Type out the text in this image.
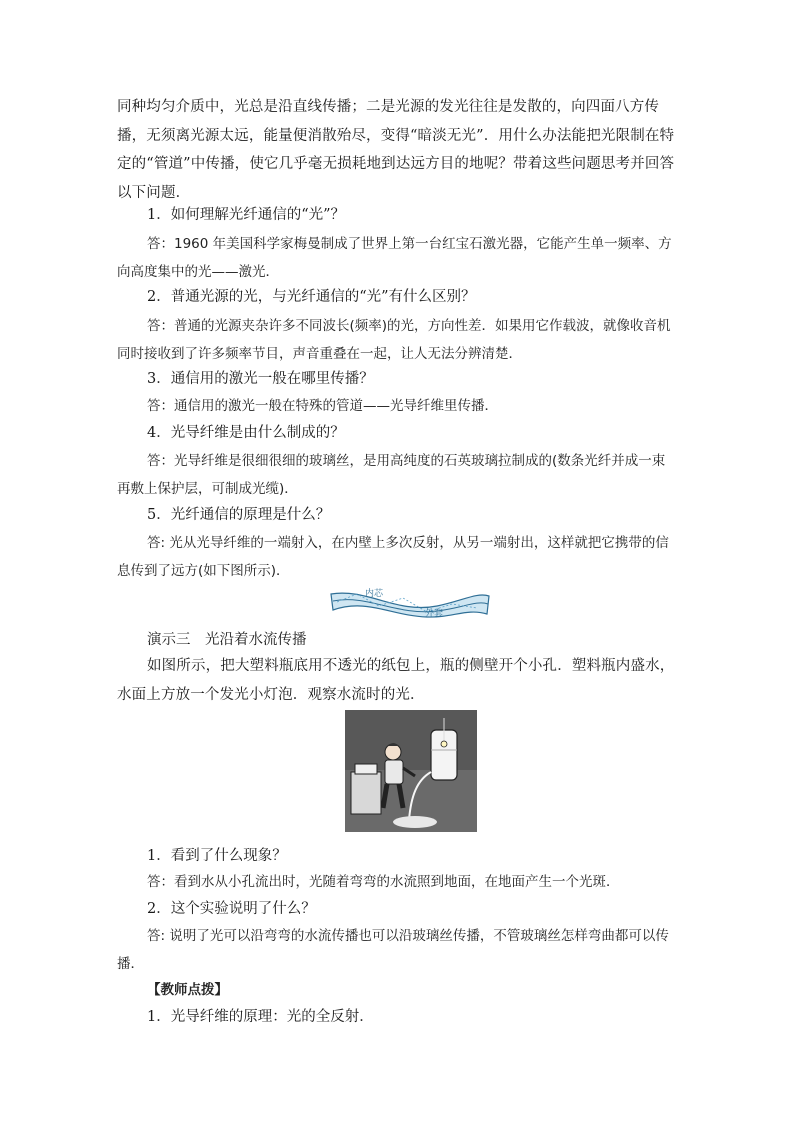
同种均匀介质中，光总是沿直线传播；二是光源的发光往往是发散的，向四面八方传播，无须离光源太远，能量便消散殆尽，变得“暗淡无光”．用什么办法能把光限制在特定的“管道”中传播，使它几乎毫无损耗地到达远方目的地呢？带着这些问题思考并回答以下问题．

1．如何理解光纤通信的“光”？

答：1960 年美国科学家梅曼制成了世界上第一台红宝石激光器，它能产生单一频率、方向高度集中的光——激光．

2．普通光源的光，与光纤通信的“光”有什么区别？

答：普通的光源夹杂许多不同波长(频率)的光，方向性差．如果用它作载波，就像收音机同时接收到了许多频率节目，声音重叠在一起，让人无法分辨清楚．

3．通信用的激光一般在哪里传播？

答：通信用的激光一般在特殊的管道——光导纤维里传播．

4．光导纤维是由什么制成的？

答：光导纤维是很细很细的玻璃丝，是用高纯度的石英玻璃拉制成的(数条光纤并成一束再敷上保护层，可制成光缆)．

5．光纤通信的原理是什么？

答: 光从光导纤维的一端射入，在内壁上多次反射，从另一端射出，这样就把它携带的信息传到了远方(如下图所示)．

内芯
外套

演示三　光沿着水流传播

如图所示，把大塑料瓶底用不透光的纸包上，瓶的侧壁开个小孔．塑料瓶内盛水，水面上方放一个发光小灯泡．观察水流时的光．

1．看到了什么现象？

答：看到水从小孔流出时，光随着弯弯的水流照到地面，在地面产生一个光斑．

2．这个实验说明了什么？

答: 说明了光可以沿弯弯的水流传播也可以沿玻璃丝传播，不管玻璃丝怎样弯曲都可以传播．

【教师点拨】

1．光导纤维的原理：光的全反射．
